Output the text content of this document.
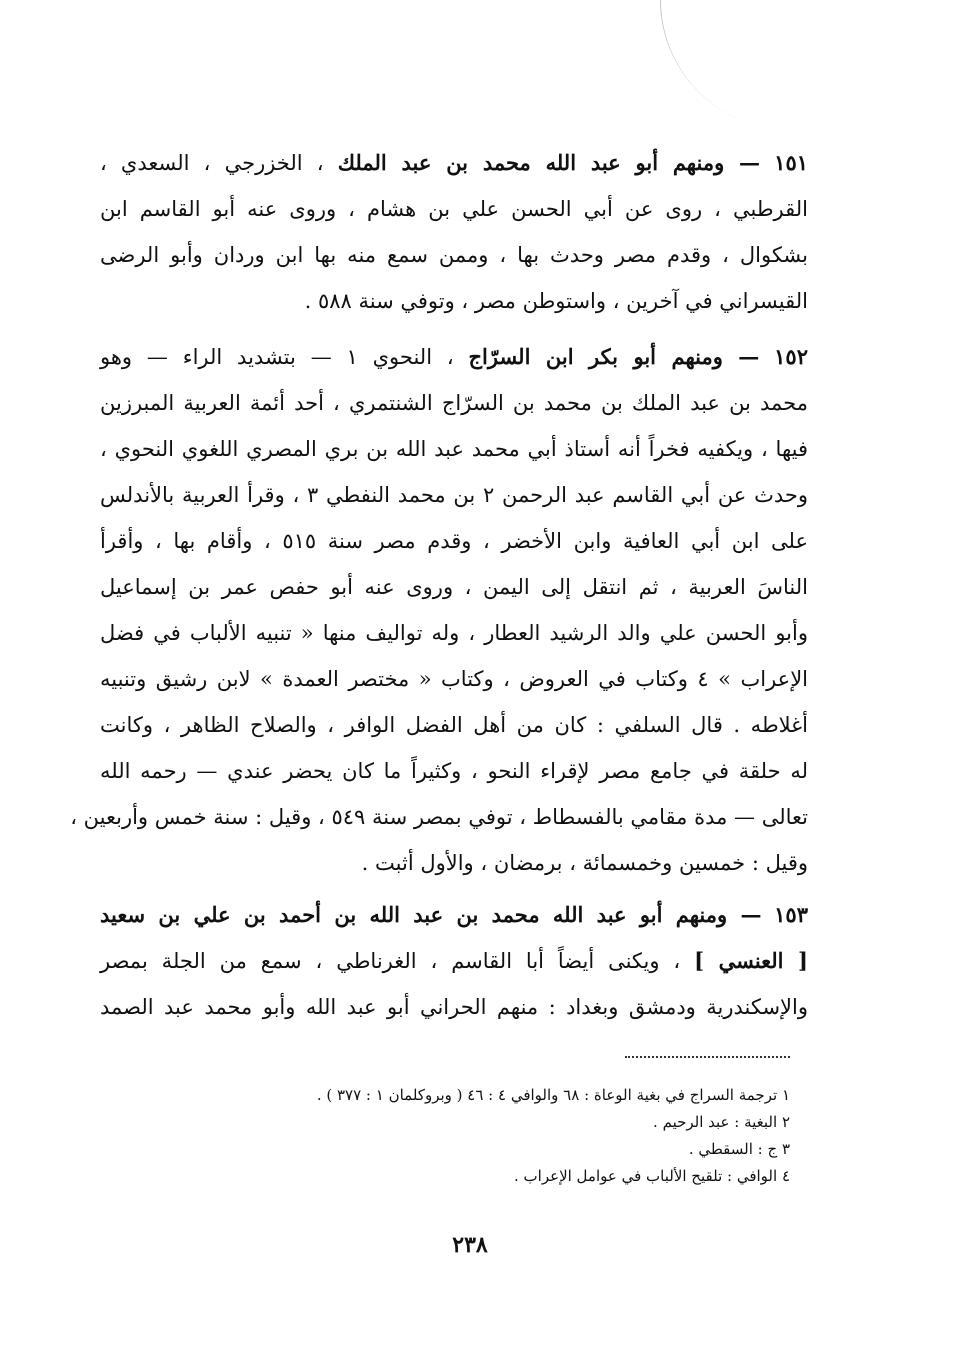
١٥١ — ومنهم أبو عبد الله محمد بن عبد الملك ، الخزرجي ، السعدي ،
القرطبي ، روى عن أبي الحسن علي بن هشام ، وروى عنه أبو القاسم ابن
بشكوال ، وقدم مصر وحدث بها ، وممن سمع منه بها ابن وردان وأبو الرضى
القيسراني في آخرين ، واستوطن مصر ، وتوفي سنة ٥٨٨ .
١٥٢ — ومنهم أبو بكر ابن السرّاج ، النحوي ١ — بتشديد الراء — وهو
محمد بن عبد الملك بن محمد بن السرّاج الشنتمري ، أحد أئمة العربية المبرزين
فيها ، ويكفيه فخراً أنه أستاذ أبي محمد عبد الله بن بري المصري اللغوي النحوي ،
وحدث عن أبي القاسم عبد الرحمن ٢ بن محمد النفطي ٣ ، وقرأ العربية بالأندلس
على ابن أبي العافية وابن الأخضر ، وقدم مصر سنة ٥١٥ ، وأقام بها ، وأقرأ
الناسَ العربية ، ثم انتقل إلى اليمن ، وروى عنه أبو حفص عمر بن إسماعيل
وأبو الحسن علي والد الرشيد العطار ، وله تواليف منها « تنبيه الألباب في فضل
الإعراب » ٤ وكتاب في العروض ، وكتاب « مختصر العمدة » لابن رشيق وتنبيه
أغلاطه . قال السلفي : كان من أهل الفضل الوافر ، والصلاح الظاهر ، وكانت
له حلقة في جامع مصر لإقراء النحو ، وكثيراً ما كان يحضر عندي — رحمه الله
تعالى — مدة مقامي بالفسطاط ، توفي بمصر سنة ٥٤٩ ، وقيل : سنة خمس وأربعين ،
وقيل : خمسين وخمسمائة ، برمضان ، والأول أثبت .
١٥٣ — ومنهم أبو عبد الله محمد بن عبد الله بن أحمد بن علي بن سعيد
[ العنسي ] ، ويكنى أيضاً أبا القاسم ، الغرناطي ، سمع من الجلة بمصر
والإسكندرية ودمشق وبغداد : منهم الحراني أبو عبد الله وأبو محمد عبد الصمد
١ ترجمة السراج في بغية الوعاة : ٦٨ والوافي ٤ : ٤٦ ( وبروكلمان ١ : ٣٧٧ ) .
٢ البغية : عبد الرحيم .
٣ ج : السقطي .
٤ الوافي : تلقيح الألباب في عوامل الإعراب .
٢٣٨
